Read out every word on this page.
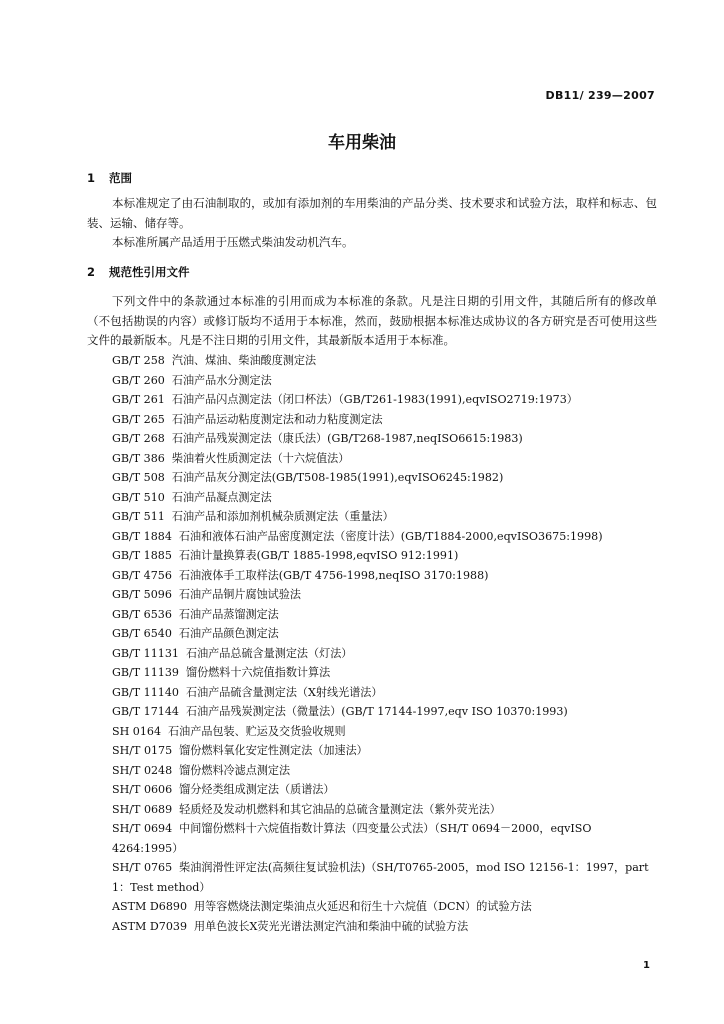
DB11/ 239—2007
车用柴油
1 范围

本标准规定了由石油制取的，或加有添加剂的车用柴油的产品分类、技术要求和试验方法，取样和标志、包装、运输、储存等。

本标准所属产品适用于压燃式柴油发动机汽车。

2 规范性引用文件

下列文件中的条款通过本标准的引用而成为本标准的条款。凡是注日期的引用文件，其随后所有的修改单（不包括勘误的内容）或修订版均不适用于本标准，然而，鼓励根据本标准达成协议的各方研究是否可使用这些文件的最新版本。凡是不注日期的引用文件，其最新版本适用于本标准。

GB/T 258 汽油、煤油、柴油酸度测定法
GB/T 260 石油产品水分测定法
GB/T 261 石油产品闪点测定法（闭口杯法）（GB/T261-1983(1991),eqvISO2719:1973）
GB/T 265 石油产品运动粘度测定法和动力粘度测定法
GB/T 268 石油产品残炭测定法（康氏法）(GB/T268-1987,neqISO6615:1983)
GB/T 386 柴油着火性质测定法（十六烷值法）
GB/T 508 石油产品灰分测定法(GB/T508-1985(1991),eqvISO6245:1982)
GB/T 510 石油产品凝点测定法
GB/T 511 石油产品和添加剂机械杂质测定法（重量法）
GB/T 1884 石油和液体石油产品密度测定法（密度计法）(GB/T1884-2000,eqvISO3675:1998)
GB/T 1885 石油计量换算表(GB/T 1885-1998,eqvISO 912:1991)
GB/T 4756 石油液体手工取样法(GB/T 4756-1998,neqISO 3170:1988)
GB/T 5096 石油产品铜片腐蚀试验法
GB/T 6536 石油产品蒸馏测定法
GB/T 6540 石油产品颜色测定法
GB/T 11131 石油产品总硫含量测定法（灯法）
GB/T 11139 馏份燃料十六烷值指数计算法
GB/T 11140 石油产品硫含量测定法（X射线光谱法）
GB/T 17144 石油产品残炭测定法（微量法）(GB/T 17144-1997,eqv ISO 10370:1993)
SH 0164 石油产品包装、贮运及交货验收规则
SH/T 0175 馏份燃料氧化安定性测定法（加速法）
SH/T 0248 馏份燃料冷滤点测定法
SH/T 0606 馏分烃类组成测定法（质谱法）
SH/T 0689 轻质烃及发动机燃料和其它油品的总硫含量测定法（紫外荧光法）
SH/T 0694 中间馏份燃料十六烷值指数计算法（四变量公式法）（SH/T 0694－2000，eqvISO 4264:1995）
SH/T 0765 柴油润滑性评定法(高频往复试验机法)（SH/T0765-2005，mod ISO 12156-1：1997，part 1：Test method）
ASTM D6890 用等容燃烧法测定柴油点火延迟和衍生十六烷值（DCN）的试验方法
ASTM D7039 用单色波长X荧光光谱法测定汽油和柴油中硫的试验方法
1
